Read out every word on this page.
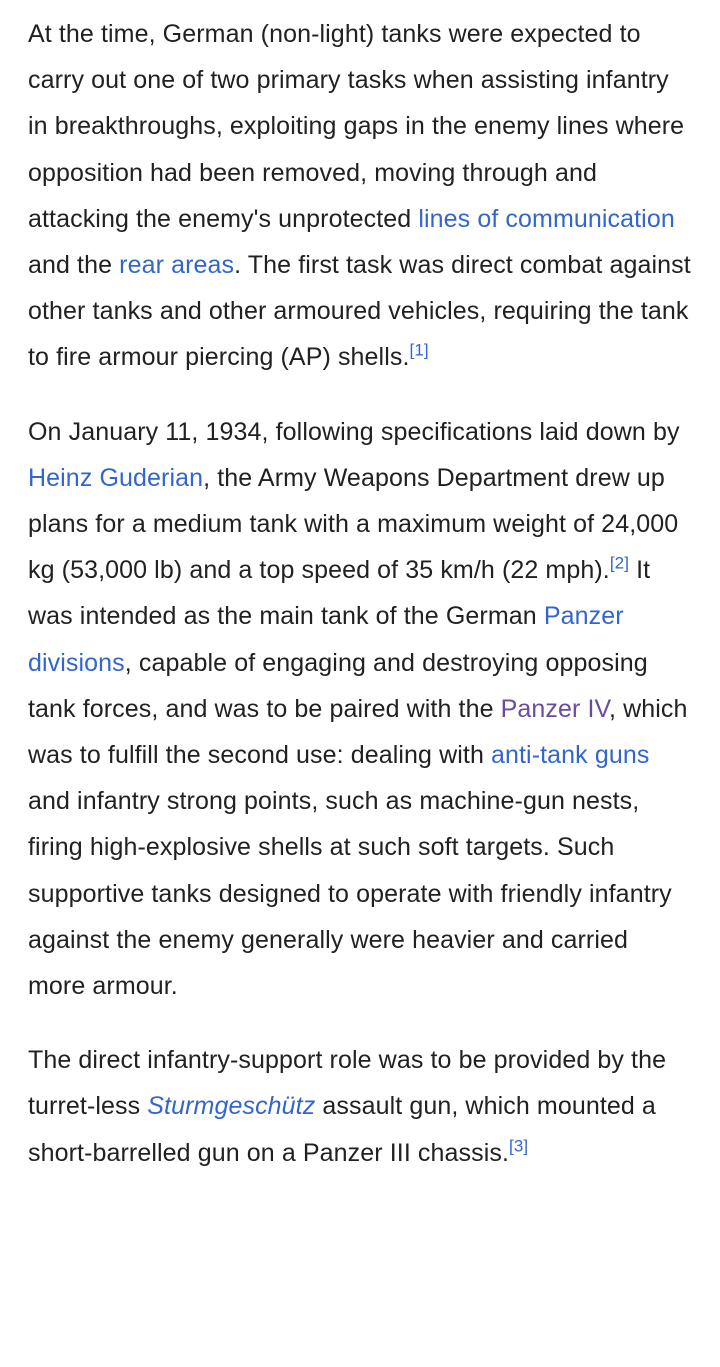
At the time, German (non-light) tanks were expected to carry out one of two primary tasks when assisting infantry in breakthroughs, exploiting gaps in the enemy lines where opposition had been removed, moving through and attacking the enemy's unprotected lines of communication and the rear areas. The first task was direct combat against other tanks and other armoured vehicles, requiring the tank to fire armour piercing (AP) shells.[1]

On January 11, 1934, following specifications laid down by Heinz Guderian, the Army Weapons Department drew up plans for a medium tank with a maximum weight of 24,000 kg (53,000 lb) and a top speed of 35 km/h (22 mph).[2] It was intended as the main tank of the German Panzer divisions, capable of engaging and destroying opposing tank forces, and was to be paired with the Panzer IV, which was to fulfill the second use: dealing with anti-tank guns and infantry strong points, such as machine-gun nests, firing high-explosive shells at such soft targets. Such supportive tanks designed to operate with friendly infantry against the enemy generally were heavier and carried more armour.

The direct infantry-support role was to be provided by the turret-less Sturmgeschütz assault gun, which mounted a short-barrelled gun on a Panzer III chassis.[3]
